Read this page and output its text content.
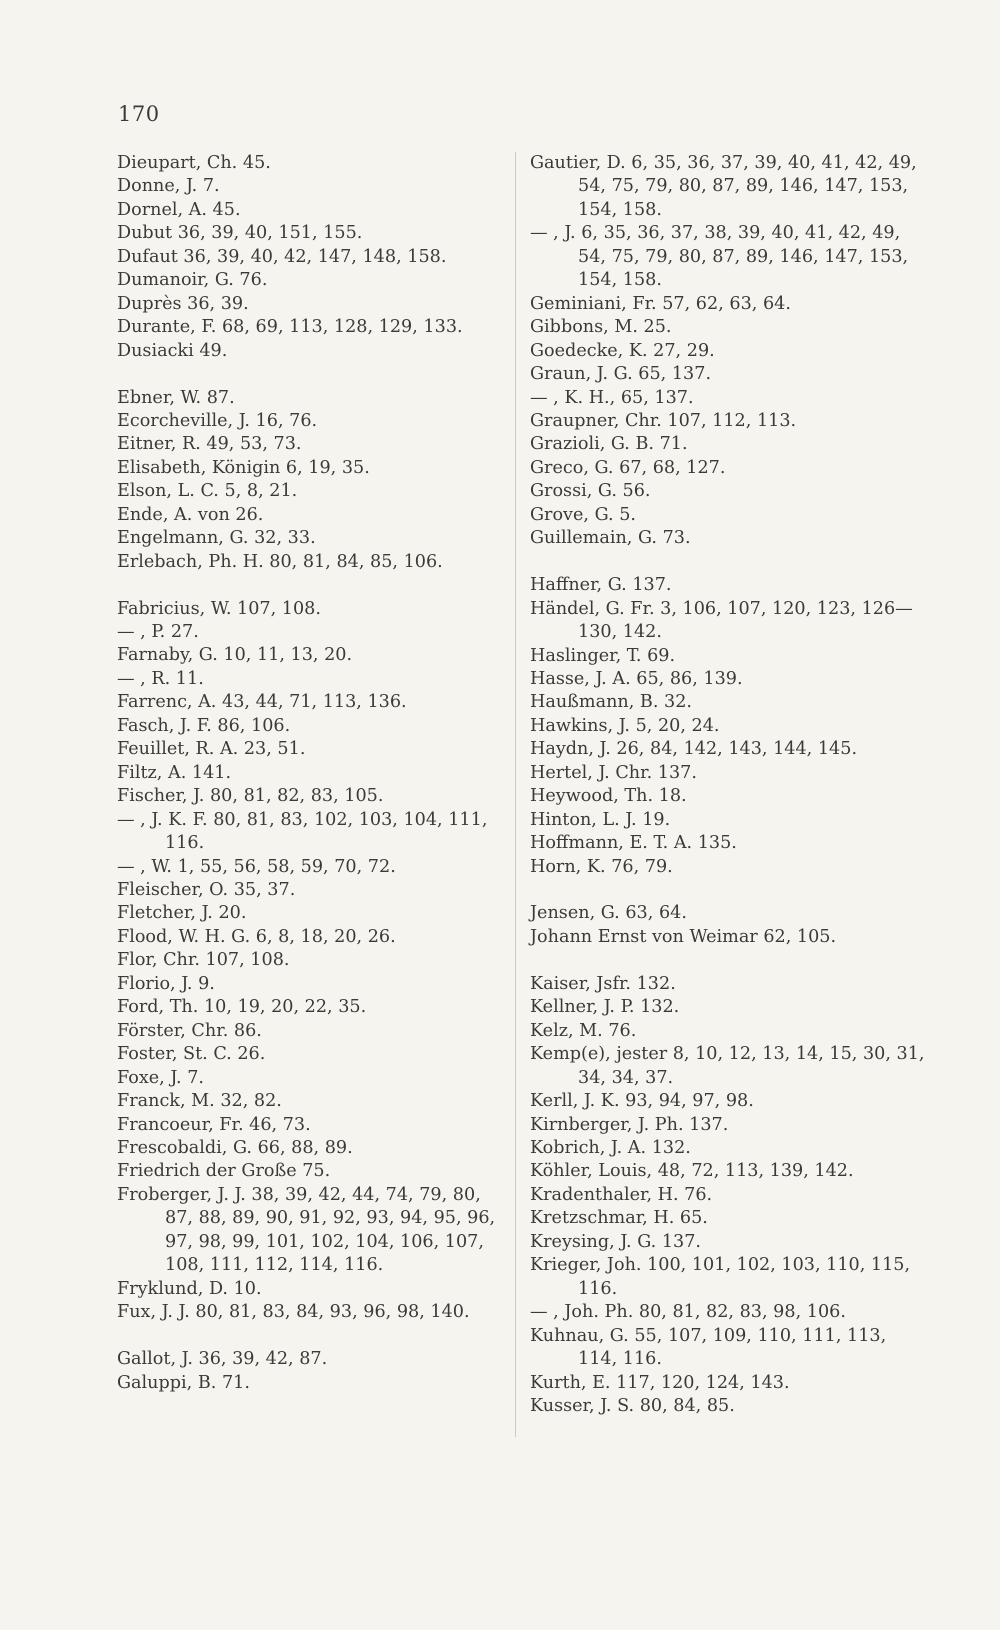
170
Dieupart, Ch. 45.
Donne, J. 7.
Dornel, A. 45.
Dubut 36, 39, 40, 151, 155.
Dufaut 36, 39, 40, 42, 147, 148, 158.
Dumanoir, G. 76.
Duprès 36, 39.
Durante, F. 68, 69, 113, 128, 129, 133.
Dusiacki 49.
Ebner, W. 87.
Ecorcheville, J. 16, 76.
Eitner, R. 49, 53, 73.
Elisabeth, Königin 6, 19, 35.
Elson, L. C. 5, 8, 21.
Ende, A. von 26.
Engelmann, G. 32, 33.
Erlebach, Ph. H. 80, 81, 84, 85, 106.
Fabricius, W. 107, 108.
— , P. 27.
Farnaby, G. 10, 11, 13, 20.
— , R. 11.
Farrenc, A. 43, 44, 71, 113, 136.
Fasch, J. F. 86, 106.
Feuillet, R. A. 23, 51.
Filtz, A. 141.
Fischer, J. 80, 81, 82, 83, 105.
— , J. K. F. 80, 81, 83, 102, 103, 104, 111, 116.
— , W. 1, 55, 56, 58, 59, 70, 72.
Fleischer, O. 35, 37.
Fletcher, J. 20.
Flood, W. H. G. 6, 8, 18, 20, 26.
Flor, Chr. 107, 108.
Florio, J. 9.
Ford, Th. 10, 19, 20, 22, 35.
Förster, Chr. 86.
Foster, St. C. 26.
Foxe, J. 7.
Franck, M. 32, 82.
Francoeur, Fr. 46, 73.
Frescobaldi, G. 66, 88, 89.
Friedrich der Große 75.
Froberger, J. J. 38, 39, 42, 44, 74, 79, 80, 87, 88, 89, 90, 91, 92, 93, 94, 95, 96, 97, 98, 99, 101, 102, 104, 106, 107, 108, 111, 112, 114, 116.
Fryklund, D. 10.
Fux, J. J. 80, 81, 83, 84, 93, 96, 98, 140.
Gallot, J. 36, 39, 42, 87.
Galuppi, B. 71.
Gautier, D. 6, 35, 36, 37, 39, 40, 41, 42, 49, 54, 75, 79, 80, 87, 89, 146, 147, 153, 154, 158.
— , J. 6, 35, 36, 37, 38, 39, 40, 41, 42, 49, 54, 75, 79, 80, 87, 89, 146, 147, 153, 154, 158.
Geminiani, Fr. 57, 62, 63, 64.
Gibbons, M. 25.
Goedecke, K. 27, 29.
Graun, J. G. 65, 137.
— , K. H., 65, 137.
Graupner, Chr. 107, 112, 113.
Grazioli, G. B. 71.
Greco, G. 67, 68, 127.
Grossi, G. 56.
Grove, G. 5.
Guillemain, G. 73.
Haffner, G. 137.
Händel, G. Fr. 3, 106, 107, 120, 123, 126—130, 142.
Haslinger, T. 69.
Hasse, J. A. 65, 86, 139.
Haußmann, B. 32.
Hawkins, J. 5, 20, 24.
Haydn, J. 26, 84, 142, 143, 144, 145.
Hertel, J. Chr. 137.
Heywood, Th. 18.
Hinton, L. J. 19.
Hoffmann, E. T. A. 135.
Horn, K. 76, 79.
Jensen, G. 63, 64.
Johann Ernst von Weimar 62, 105.
Kaiser, Jsfr. 132.
Kellner, J. P. 132.
Kelz, M. 76.
Kemp(e), jester 8, 10, 12, 13, 14, 15, 30, 31, 34, 34, 37.
Kerll, J. K. 93, 94, 97, 98.
Kirnberger, J. Ph. 137.
Kobrich, J. A. 132.
Köhler, Louis, 48, 72, 113, 139, 142.
Kradenthaler, H. 76.
Kretzschmar, H. 65.
Kreysing, J. G. 137.
Krieger, Joh. 100, 101, 102, 103, 110, 115, 116.
— , Joh. Ph. 80, 81, 82, 83, 98, 106.
Kuhnau, G. 55, 107, 109, 110, 111, 113, 114, 116.
Kurth, E. 117, 120, 124, 143.
Kusser, J. S. 80, 84, 85.
